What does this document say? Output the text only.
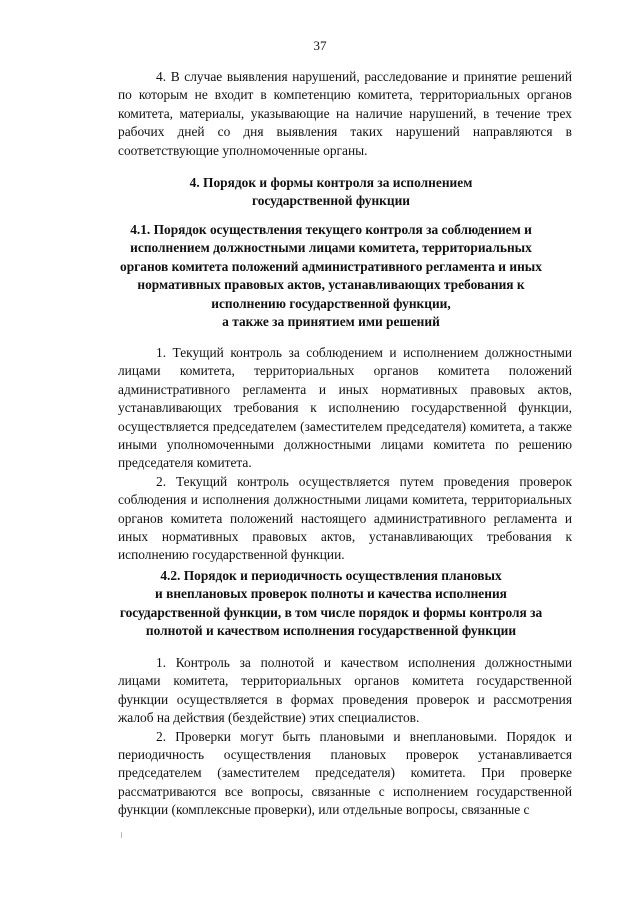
37

4. В случае выявления нарушений, расследование и принятие решений по которым не входит в компетенцию комитета, территориальных органов комитета, материалы, указывающие на наличие нарушений, в течение трех рабочих дней со дня выявления таких нарушений направляются в соответствующие уполномоченные органы.

4. Порядок и формы контроля за исполнением
государственной функции
4.1. Порядок осуществления текущего контроля за соблюдением и
исполнением должностными лицами комитета, территориальных
органов комитета положений административного регламента и иных
нормативных правовых актов, устанавливающих требования к
исполнению государственной функции,
а также за принятием ими решений

1. Текущий контроль за соблюдением и исполнением должностными лицами комитета, территориальных органов комитета положений административного регламента и иных нормативных правовых актов, устанавливающих требования к исполнению государственной функции, осуществляется председателем (заместителем председателя) комитета, а также иными уполномоченными должностными лицами комитета по решению председателя комитета.

2. Текущий контроль осуществляется путем проведения проверок соблюдения и исполнения должностными лицами комитета, территориальных органов комитета положений настоящего административного регламента и иных нормативных правовых актов, устанавливающих требования к исполнению государственной функции.

4.2. Порядок и периодичность осуществления плановых
и внеплановых проверок полноты и качества исполнения
государственной функции, в том числе порядок и формы контроля за
полнотой и качеством исполнения государственной функции

1. Контроль за полнотой и качеством исполнения должностными лицами комитета, территориальных органов комитета государственной функции осуществляется в формах проведения проверок и рассмотрения жалоб на действия (бездействие) этих специалистов.

2. Проверки могут быть плановыми и внеплановыми. Порядок и периодичность осуществления плановых проверок устанавливается председателем (заместителем председателя) комитета. При проверке рассматриваются все вопросы, связанные с исполнением государственной функции (комплексные проверки), или отдельные вопросы, связанные с
